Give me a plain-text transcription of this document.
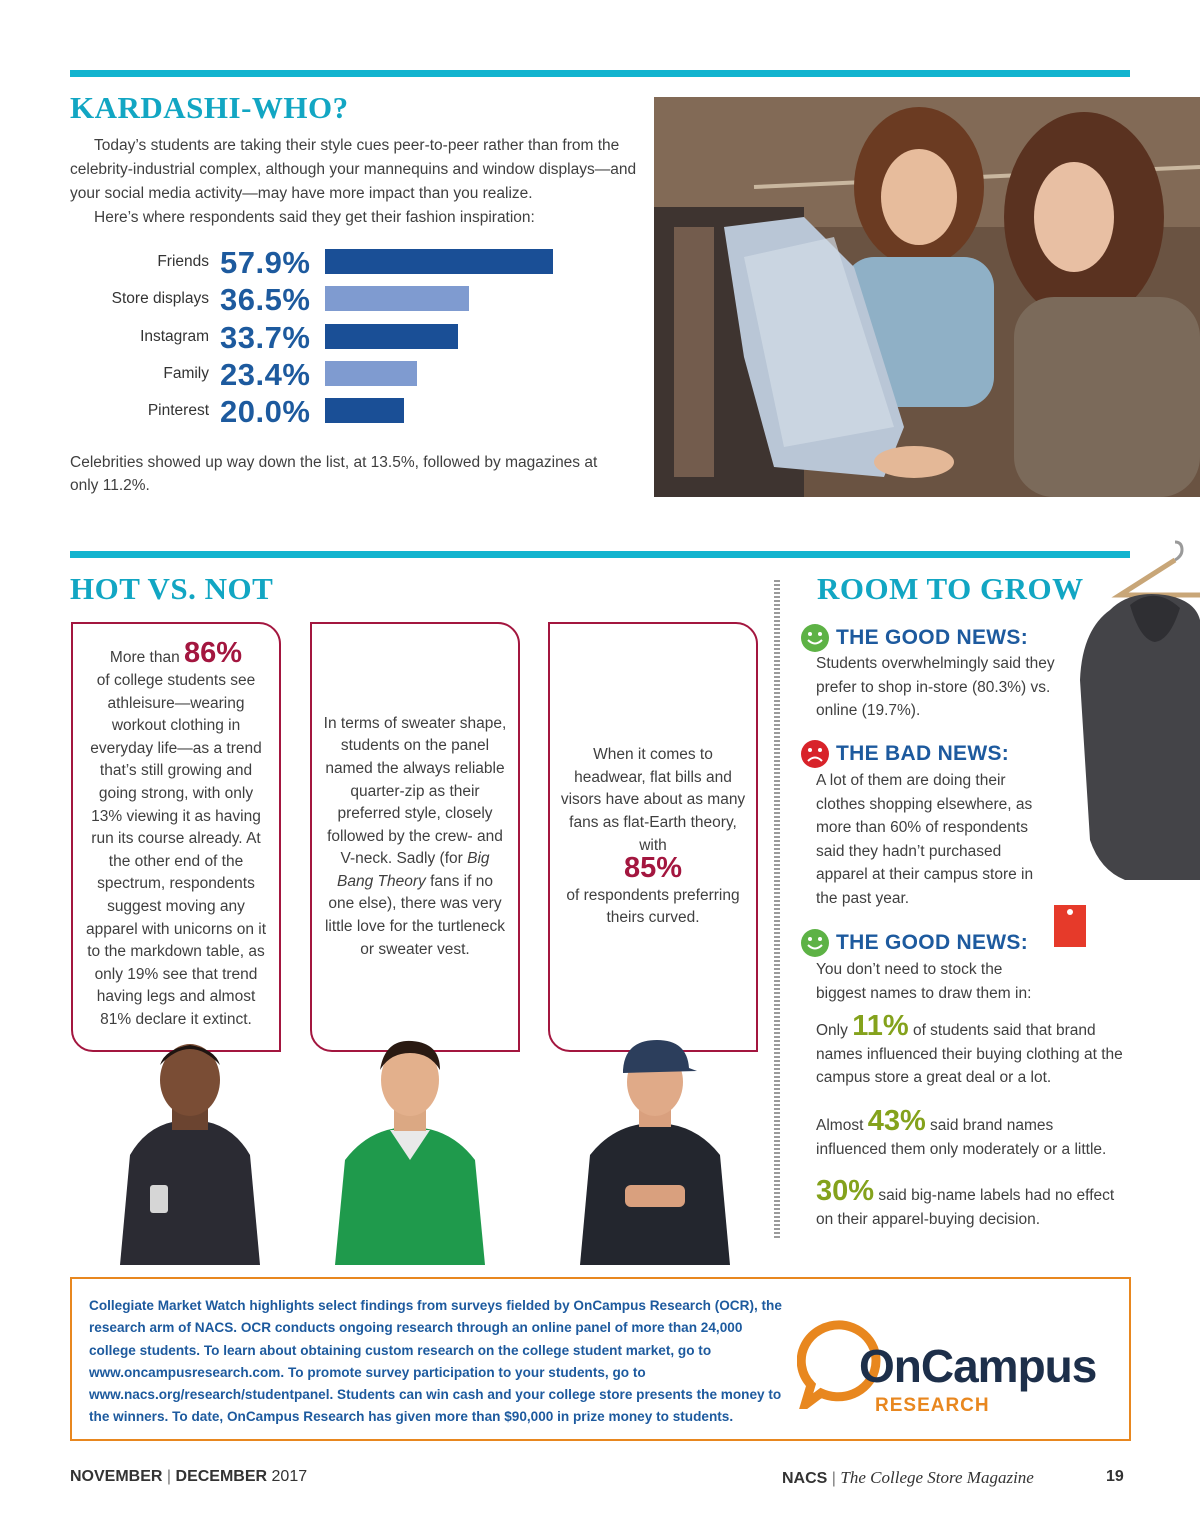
KARDASHI-WHO?

Today’s students are taking their style cues peer-to-peer rather than from the celebrity-industrial complex, although your mannequins and window displays—and your social media activity—may have more impact than you realize.

Here’s where respondents said they get their fashion inspiration:

Friends 57.9%
Store displays 36.5%
Instagram 33.7%
Family 23.4%
Pinterest 20.0%

Celebrities showed up way down the list, at 13.5%, followed by magazines at only 11.2%.

HOT VS. NOT
More than 86%
of college students see athleisure—wearing workout clothing in everyday life—as a trend that’s still growing and going strong, with only 13% viewing it as having run its course already. At the other end of the spectrum, respondents suggest moving any apparel with unicorns on it to the markdown table, as only 19% see that trend having legs and almost 81% declare it extinct.
In terms of sweater shape, students on the panel named the always reliable quarter-zip as their preferred style, closely followed by the crew- and V-neck. Sadly (for Big Bang Theory fans if no one else), there was very little love for the turtleneck or sweater vest.
When it comes to headwear, flat bills and visors have about as many fans as flat-Earth theory, with
85%
of respondents preferring theirs curved.
ROOM TO GROW
THE GOOD NEWS:

Students overwhelmingly said they prefer to shop in-store (80.3%) vs. online (19.7%).

THE BAD NEWS:

A lot of them are doing their clothes shopping elsewhere, as more than 60% of respondents said they hadn’t purchased apparel at their campus store in the past year.

THE GOOD NEWS:

You don’t need to stock the biggest names to draw them in:

Only 11% of students said that brand names influenced their buying clothing at the campus store a great deal or a lot.

Almost 43% said brand names influenced them only moderately or a little.

30% said big-name labels had no effect on their apparel-buying decision.

Collegiate Market Watch highlights select findings from surveys fielded by OnCampus Research (OCR), the research arm of NACS. OCR conducts ongoing research through an online panel of more than 24,000 college students. To learn about obtaining custom research on the college student market, go to www.oncampusresearch.com. To promote survey participation to your students, go to www.nacs.org/research/studentpanel. Students can win cash and your college store presents the money to the winners. To date, OnCampus Research has given more than $90,000 in prize money to students.

OnCampus
RESEARCH
NOVEMBER | DECEMBER 2017	NACS | The College Store Magazine	19
